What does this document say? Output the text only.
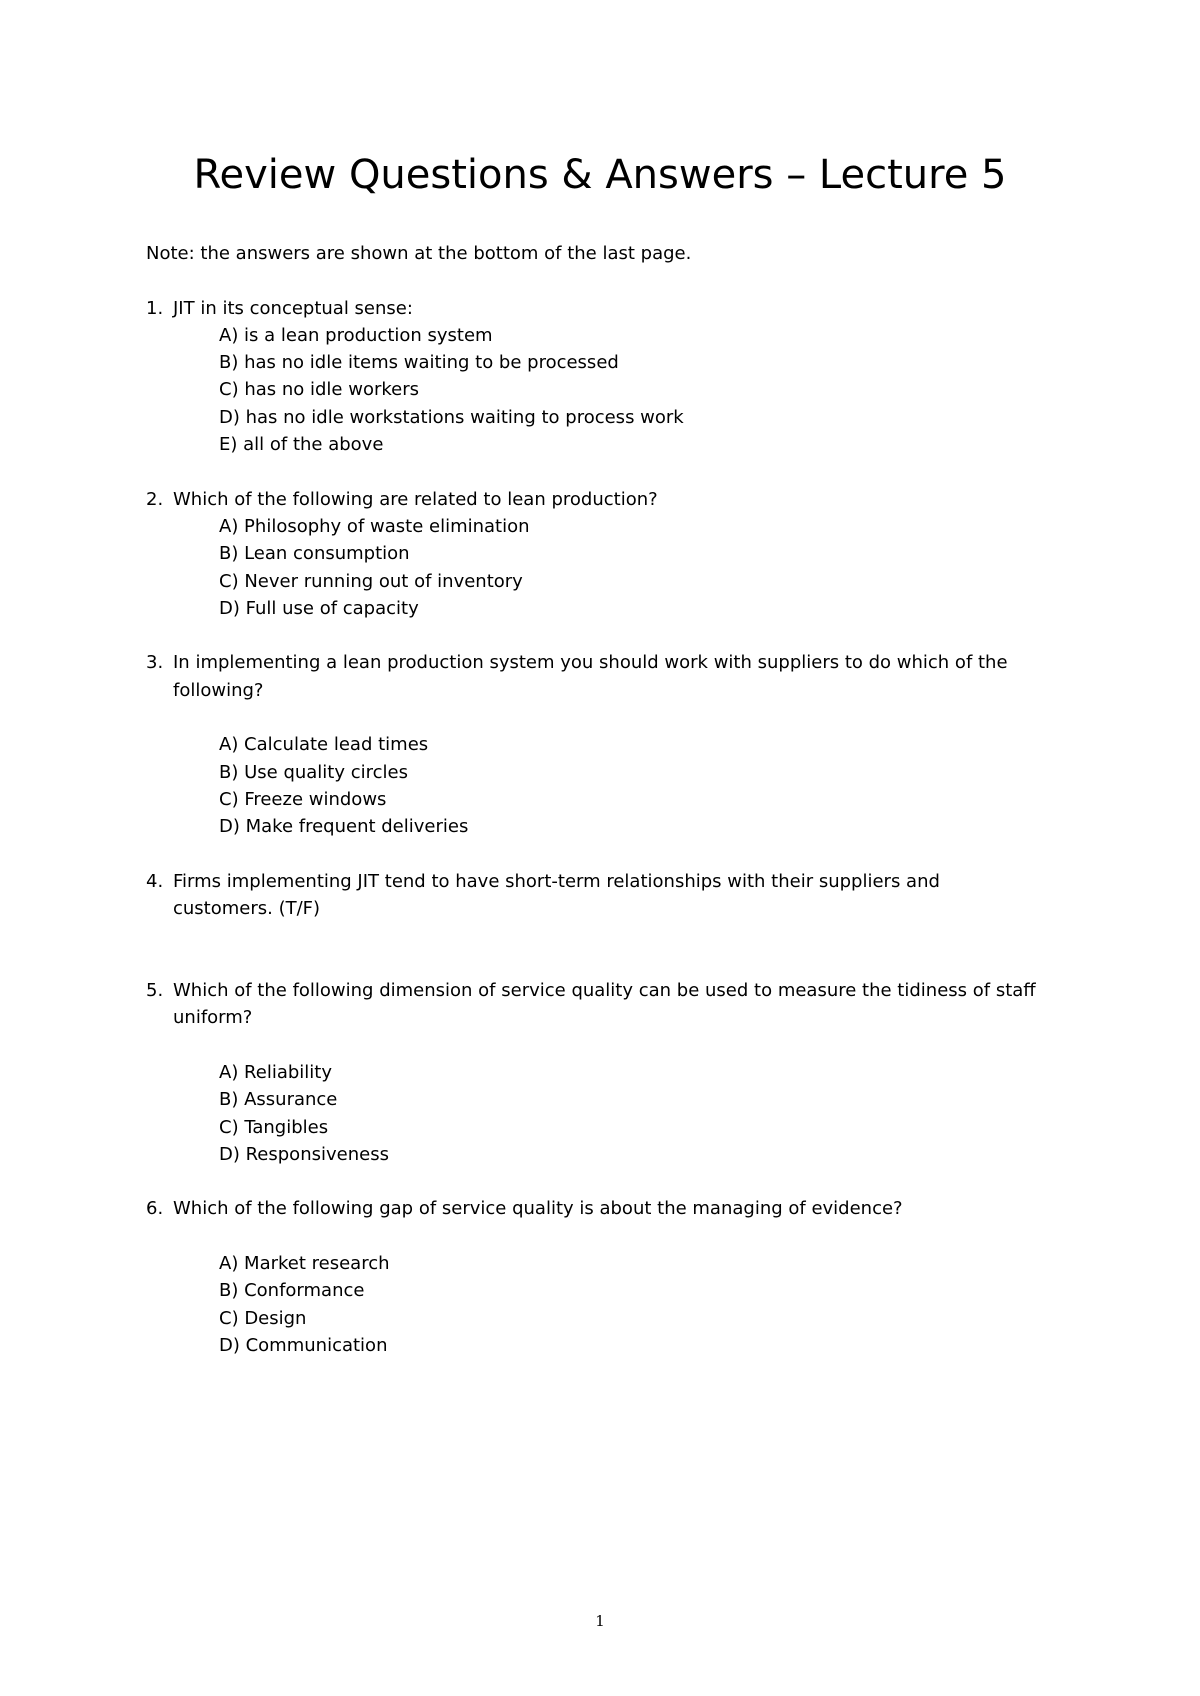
Review Questions & Answers – Lecture 5
Note: the answers are shown at the bottom of the last page.
1. JIT in its conceptual sense:
A) is a lean production system
B) has no idle items waiting to be processed
C) has no idle workers
D) has no idle workstations waiting to process work
E) all of the above
2. Which of the following are related to lean production?
A) Philosophy of waste elimination
B) Lean consumption
C) Never running out of inventory
D) Full use of capacity
3. In implementing a lean production system you should work with suppliers to do which of the
following?
A) Calculate lead times
B) Use quality circles
C) Freeze windows
D) Make frequent deliveries
4. Firms implementing JIT tend to have short-term relationships with their suppliers and
customers. (T/F)
5. Which of the following dimension of service quality can be used to measure the tidiness of staff
uniform?
A) Reliability
B) Assurance
C) Tangibles
D) Responsiveness
6. Which of the following gap of service quality is about the managing of evidence?
A) Market research
B) Conformance
C) Design
D) Communication
1
